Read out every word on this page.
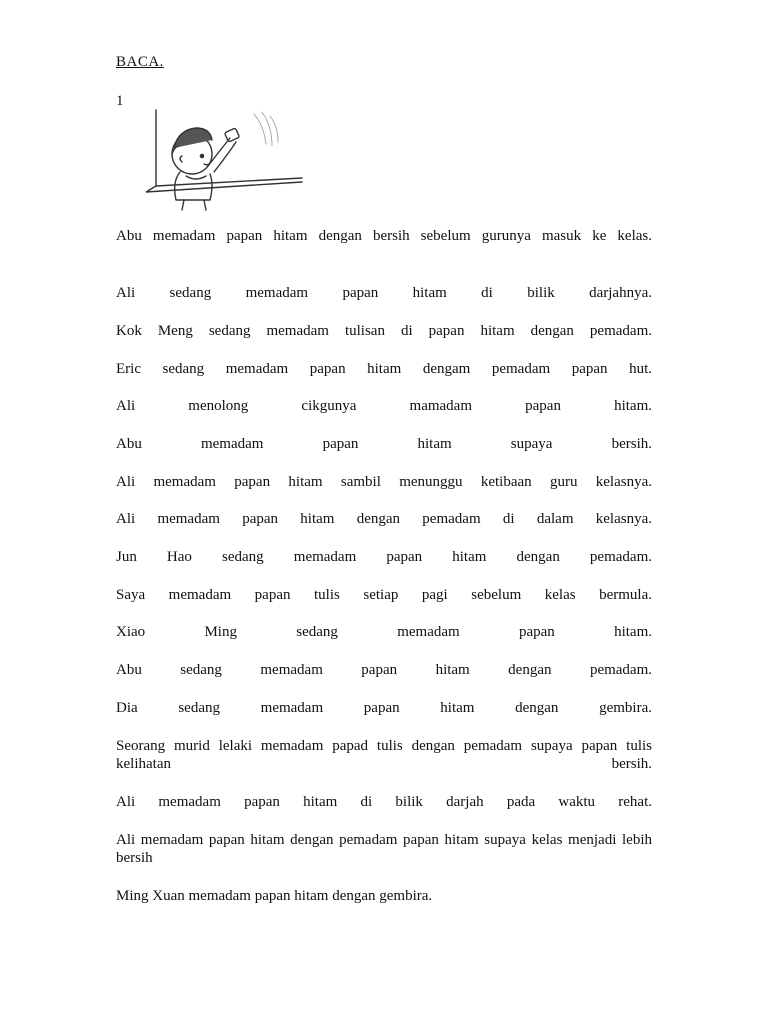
BACA.
1
Abu memadam papan hitam dengan bersih sebelum gurunya masuk ke kelas.
Ali sedang memadam papan hitam di bilik darjahnya.
Kok Meng sedang memadam tulisan di papan hitam dengan pemadam.
Eric sedang memadam papan hitam dengam pemadam papan hut.
Ali menolong cikgunya mamadam papan hitam.
Abu memadam papan hitam supaya bersih.
Ali memadam papan hitam sambil menunggu ketibaan guru kelasnya.
Ali memadam papan hitam dengan pemadam di dalam kelasnya.
Jun Hao sedang memadam papan hitam dengan pemadam.
Saya memadam papan tulis setiap pagi sebelum kelas bermula.
Xiao Ming sedang memadam papan hitam.
Abu sedang memadam papan hitam dengan pemadam.
Dia sedang memadam papan hitam dengan gembira.
Seorang murid lelaki memadam papad tulis dengan pemadam supaya papan tulis kelihatan bersih.
Ali memadam papan hitam di bilik darjah pada waktu rehat.
Ali memadam papan hitam dengan pemadam papan hitam supaya kelas menjadi lebih bersih
Ming Xuan memadam papan hitam dengan gembira.
